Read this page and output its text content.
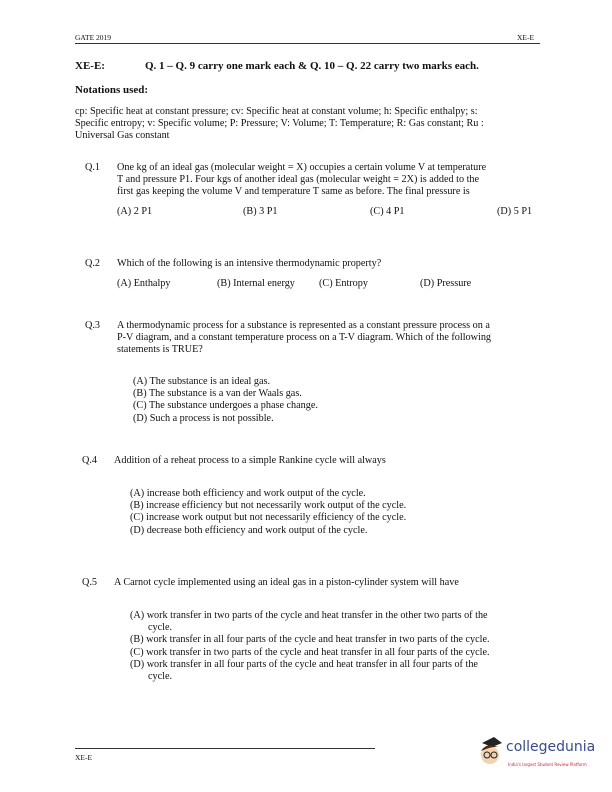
GATE 2019	XE-E
XE-E:	Q. 1 – Q. 9 carry one mark each & Q. 10 – Q. 22 carry two marks each.
Notations used:
cp: Specific heat at constant pressure; cv: Specific heat at constant volume; h: Specific enthalpy; s:
Specific entropy; v: Specific volume; P: Pressure; V: Volume; T: Temperature; R: Gas constant; Ru :
Universal Gas constant
Q.1 One kg of an ideal gas (molecular weight = X) occupies a certain volume V at temperature
T and pressure P1. Four kgs of another ideal gas (molecular weight = 2X) is added to the
first gas keeping the volume V and temperature T same as before. The final pressure is
(A) 2 P1	(B) 3 P1	(C) 4 P1	(D) 5 P1
Q.2 Which of the following is an intensive thermodynamic property?
(A) Enthalpy	(B) Internal energy (C) Entropy	(D) Pressure
Q.3 A thermodynamic process for a substance is represented as a constant pressure process on a
P-V diagram, and a constant temperature process on a T-V diagram. Which of the following
statements is TRUE?
(A) The substance is an ideal gas.
(B) The substance is a van der Waals gas.
(C) The substance undergoes a phase change.
(D) Such a process is not possible.
Q.4 Addition of a reheat process to a simple Rankine cycle will always
(A) increase both efficiency and work output of the cycle.
(B) increase efficiency but not necessarily work output of the cycle.
(C) increase work output but not necessarily efficiency of the cycle.
(D) decrease both efficiency and work output of the cycle.
Q.5 A Carnot cycle implemented using an ideal gas in a piston-cylinder system will have
(A) work transfer in two parts of the cycle and heat transfer in the other two parts of the
cycle.
(B) work transfer in all four parts of the cycle and heat transfer in two parts of the cycle.
(C) work transfer in two parts of the cycle and heat transfer in all four parts of the cycle.
(D) work transfer in all four parts of the cycle and heat transfer in all four parts of the
cycle.
XE-E
collegedunia
India's largest Student Review Platform
